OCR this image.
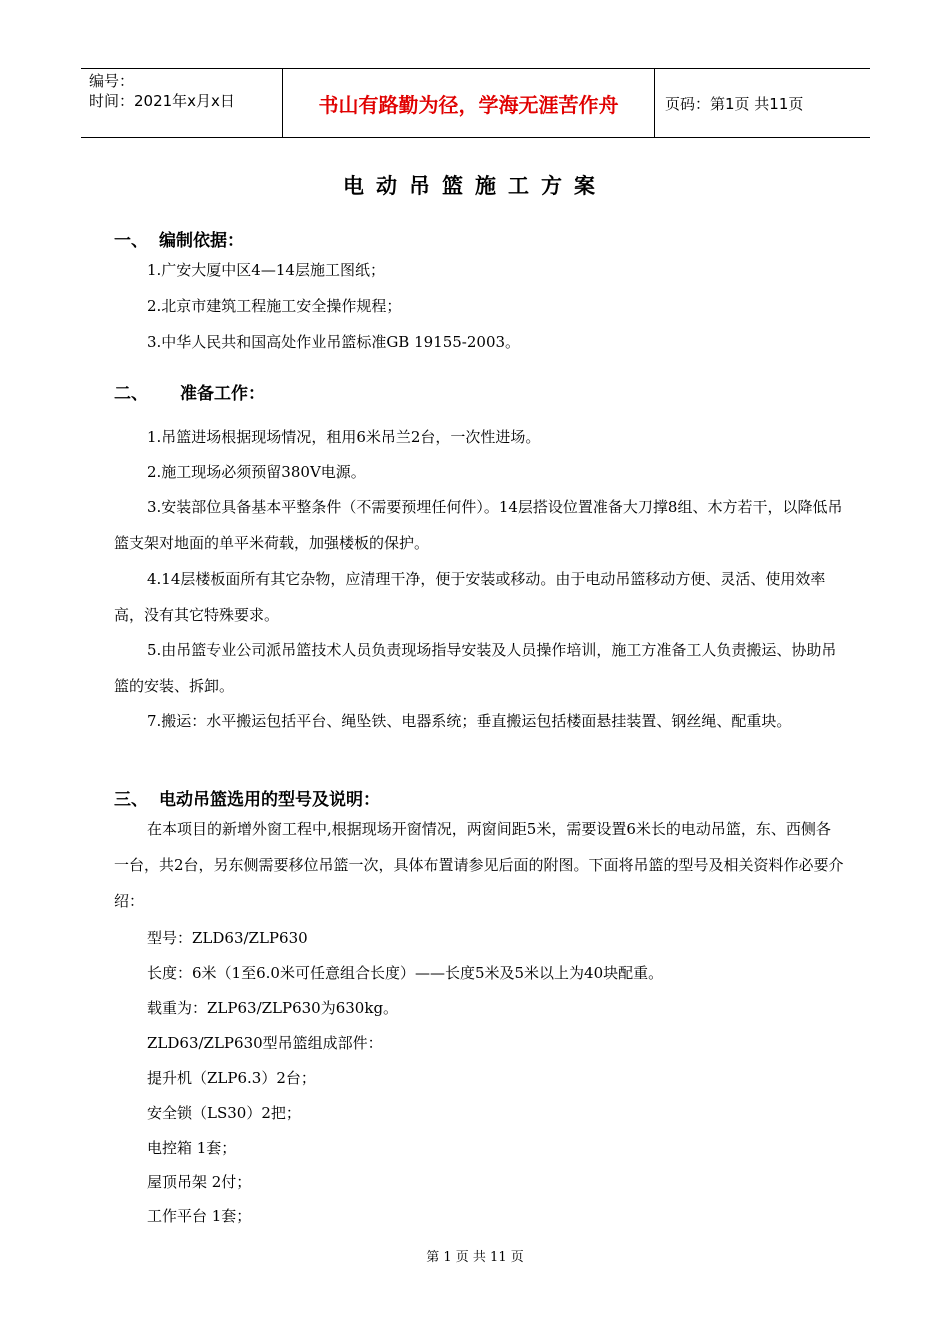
编号：
时间：2021年x月x日	书山有路勤为径，学海无涯苦作舟	页码：第1页 共11页
电动吊篮施工方案
一、 编制依据：
1.广安大厦中区4—14层施工图纸；
2.北京市建筑工程施工安全操作规程；
3.中华人民共和国高处作业吊篮标准GB 19155-2003。
二、 准备工作：
1.吊篮进场根据现场情况，租用6米吊兰2台，一次性进场。
2.施工现场必须预留380V电源。
3.安装部位具备基本平整条件（不需要预埋任何件）。14层搭设位置准备大刀撑8组、木方若干，以降低吊篮支架对地面的单平米荷载，加强楼板的保护。
4.14层楼板面所有其它杂物，应清理干净，便于安装或移动。由于电动吊篮移动方便、灵活、使用效率高，没有其它特殊要求。
5.由吊篮专业公司派吊篮技术人员负责现场指导安装及人员操作培训，施工方准备工人负责搬运、协助吊篮的安装、拆卸。
7.搬运：水平搬运包括平台、绳坠铁、电器系统；垂直搬运包括楼面悬挂装置、钢丝绳、配重块。
三、 电动吊篮选用的型号及说明：
在本项目的新增外窗工程中,根据现场开窗情况，两窗间距5米，需要设置6米长的电动吊篮，东、西侧各一台，共2台，另东侧需要移位吊篮一次，具体布置请参见后面的附图。下面将吊篮的型号及相关资料作必要介绍：
型号：ZLD63/ZLP630
长度：6米（1至6.0米可任意组合长度）——长度5米及5米以上为40块配重。
载重为：ZLP63/ZLP630为630kg。
ZLD63/ZLP630型吊篮组成部件：
提升机（ZLP6.3）2台；
安全锁（LS30）2把；
电控箱 1套；
屋顶吊架 2付；
工作平台 1套；
第 1 页 共 11 页
